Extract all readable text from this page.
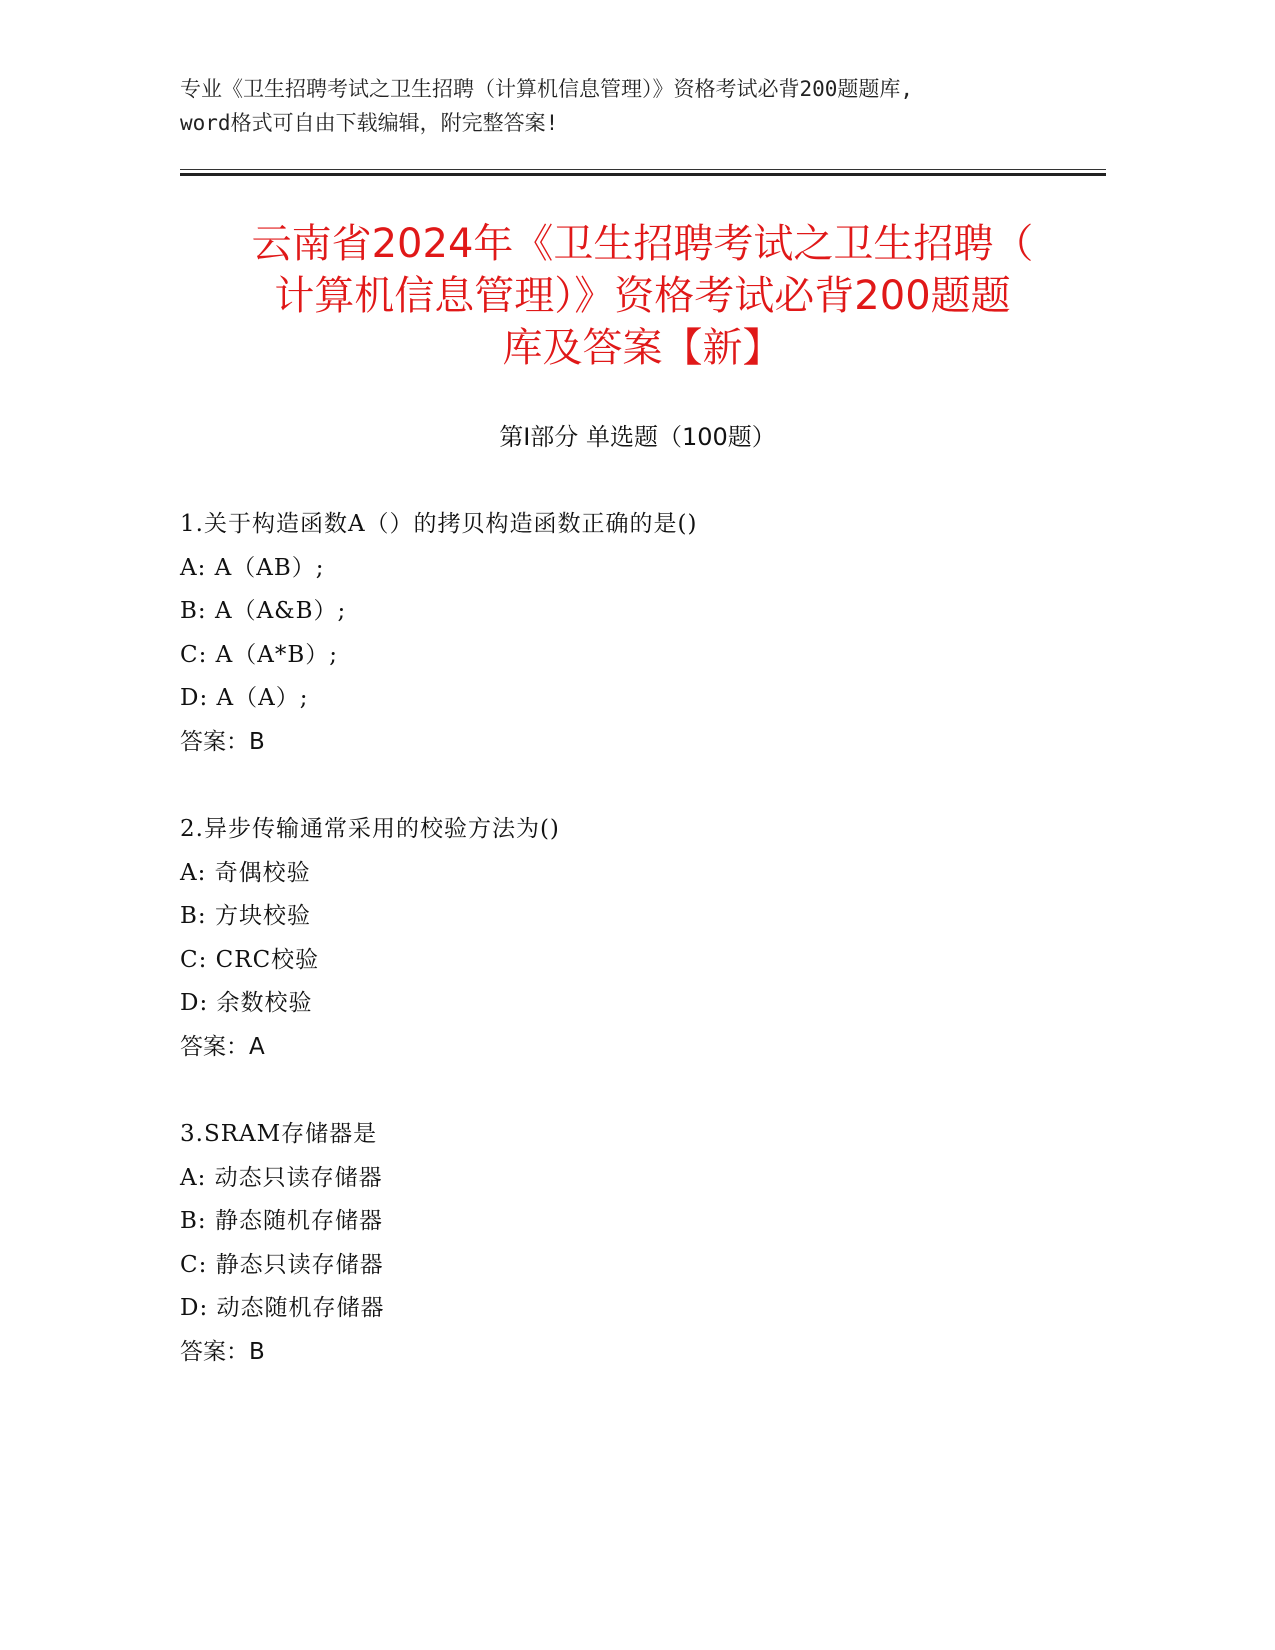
专业《卫生招聘考试之卫生招聘（计算机信息管理）》资格考试必背200题题库,
word格式可自由下载编辑，附完整答案!
云南省2024年《卫生招聘考试之卫生招聘（
计算机信息管理）》资格考试必背200题题
库及答案【新】
第Ⅰ部分 单选题（100题）
1.关于构造函数A（）的拷贝构造函数正确的是()
A: A（AB）;
B: A（A&B）;
C: A（A*B）;
D: A（A）;
答案：B
2.异步传输通常采用的校验方法为()
A: 奇偶校验
B: 方块校验
C: CRC校验
D: 余数校验
答案：A
3.SRAM存储器是
A: 动态只读存储器
B: 静态随机存储器
C: 静态只读存储器
D: 动态随机存储器
答案：B
